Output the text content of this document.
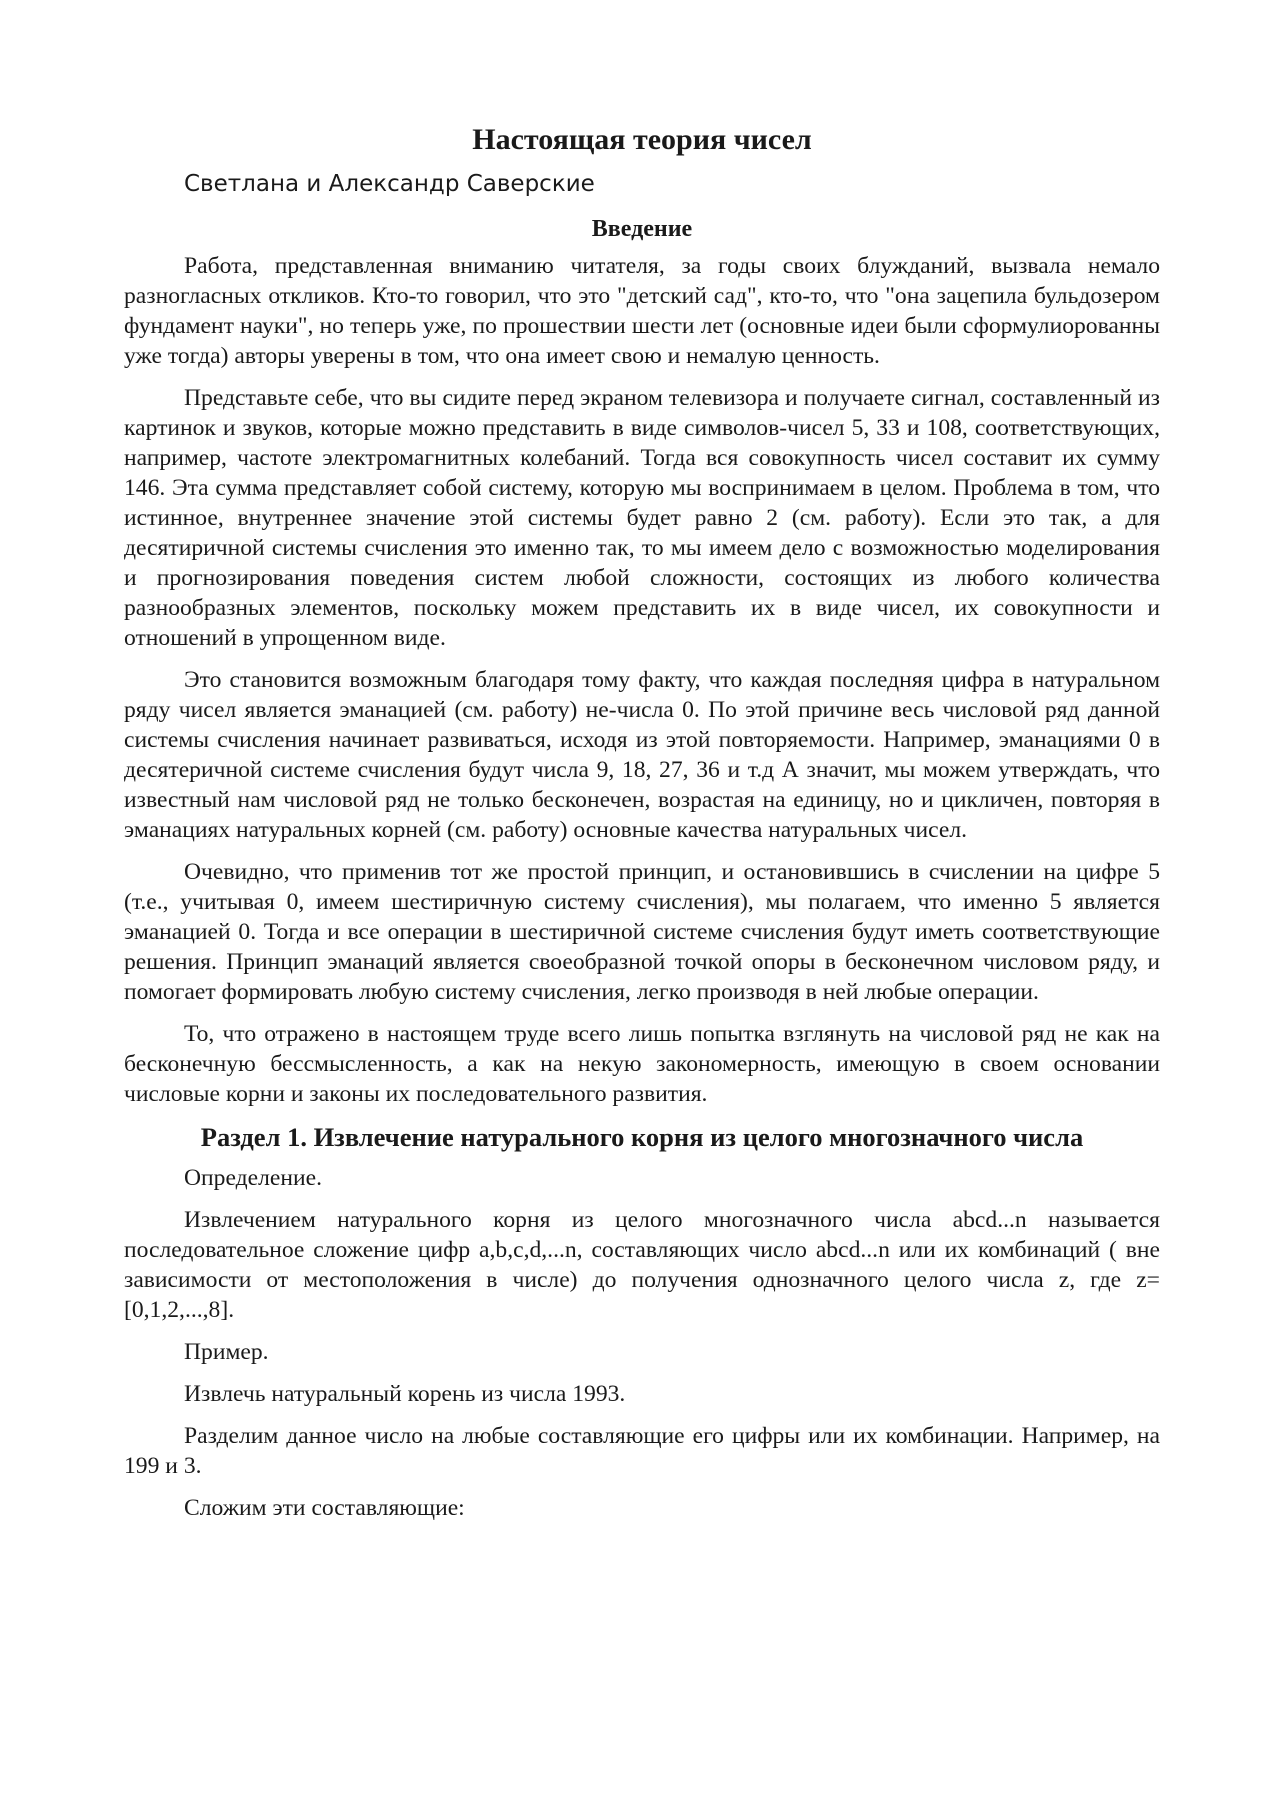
Настоящая теория чисел
Светлана и Александр Саверские
Введение

Работа, представленная вниманию читателя, за годы своих блужданий, вызвала немало разногласных откликов. Кто-то говорил, что это "детский сад", кто-то, что "она зацепила бульдозером фундамент науки", но теперь уже, по прошествии шести лет (основные идеи были сформулиорованны уже тогда) авторы уверены в том, что она имеет свою и немалую ценность.

Представьте себе, что вы сидите перед экраном телевизора и получаете сигнал, составленный из картинок и звуков, которые можно представить в виде символов-чисел 5, 33 и 108, соответствующих, например, частоте электромагнитных колебаний. Тогда вся совокупность чисел составит их сумму 146. Эта сумма представляет собой систему, которую мы воспринимаем в целом. Проблема в том, что истинное, внутреннее значение этой системы будет равно 2 (см. работу). Если это так, а для десятиричной системы счисления это именно так, то мы имеем дело с возможностью моделирования и прогнозирования поведения систем любой сложности, состоящих из любого количества разнообразных элементов, поскольку можем представить их в виде чисел, их совокупности и отношений в упрощенном виде.

Это становится возможным благодаря тому факту, что каждая последняя цифра в натуральном ряду чисел является эманацией (см. работу) не-числа 0. По этой причине весь числовой ряд данной системы счисления начинает развиваться, исходя из этой повторяемости. Например, эманациями 0 в десятеричной системе счисления будут числа 9, 18, 27, 36 и т.д А значит, мы можем утверждать, что известный нам числовой ряд не только бесконечен, возрастая на единицу, но и цикличен, повторяя в эманациях натуральных корней (см. работу) основные качества натуральных чисел.

Очевидно, что применив тот же простой принцип, и остановившись в счислении на цифре 5 (т.е., учитывая 0, имеем шестиричную систему счисления), мы полагаем, что именно 5 является эманацией 0. Тогда и все операции в шестиричной системе счисления будут иметь соответствующие решения. Принцип эманаций является своеобразной точкой опоры в бесконечном числовом ряду, и помогает формировать любую систему счисления, легко производя в ней любые операции.

То, что отражено в настоящем труде всего лишь попытка взглянуть на числовой ряд не как на бесконечную бессмысленность, а как на некую закономерность, имеющую в своем основании числовые корни и законы их последовательного развития.

Раздел 1. Извлечение натурального корня из целого многозначного числа

Определение.

Извлечением натурального корня из целого многозначного числа abcd...n называется последовательное сложение цифр a,b,c,d,...n, составляющих число abcd...n или их комбинаций ( вне зависимости от местоположения в числе) до получения однозначного целого числа z, где z=[0,1,2,...,8].

Пример.

Извлечь натуральный корень из числа 1993.

Разделим данное число на любые составляющие его цифры или их комбинации. Например, на 199 и 3.

Сложим эти составляющие:
